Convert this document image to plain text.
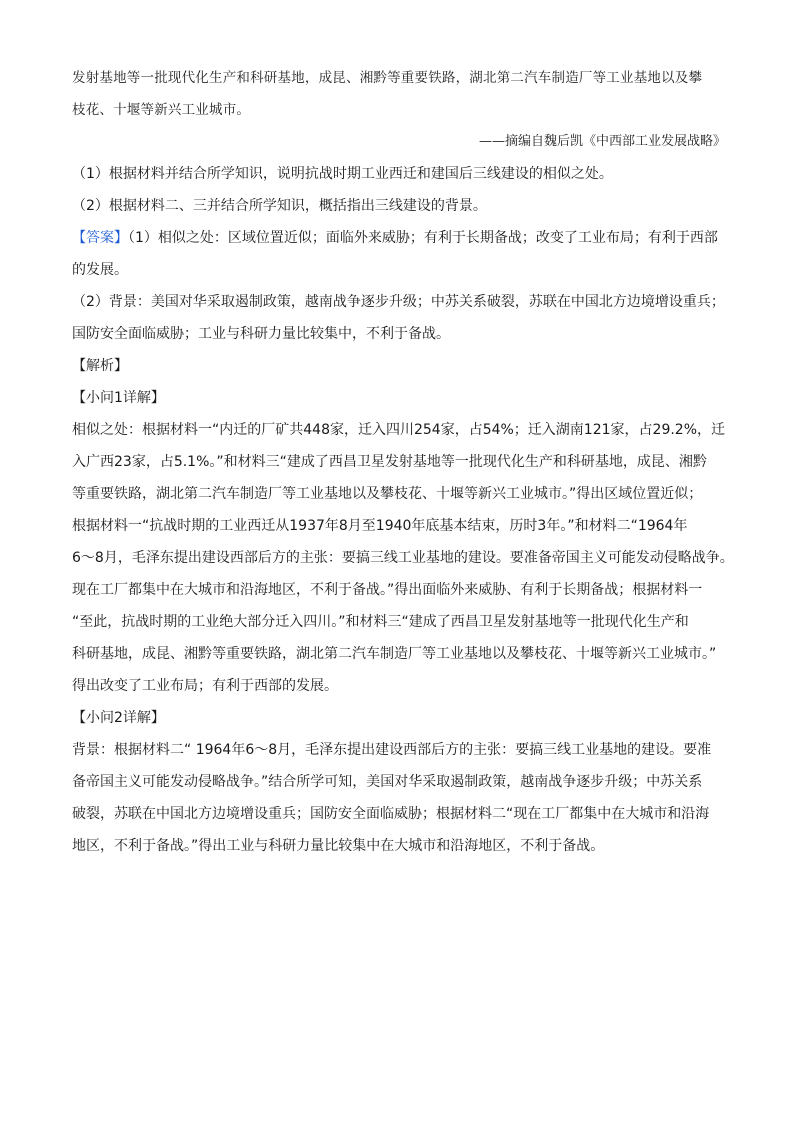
发射基地等一批现代化生产和科研基地，成昆、湘黔等重要铁路，湖北第二汽车制造厂等工业基地以及攀
枝花、十堰等新兴工业城市。
——摘编自魏后凯《中西部工业发展战略》
（1）根据材料并结合所学知识，说明抗战时期工业西迁和建国后三线建设的相似之处。
（2）根据材料二、三并结合所学知识，概括指出三线建设的背景。
【答案】（1）相似之处：区域位置近似；面临外来威胁；有利于长期备战；改变了工业布局；有利于西部
的发展。
（2）背景：美国对华采取遏制政策，越南战争逐步升级；中苏关系破裂，苏联在中国北方边境增设重兵；
国防安全面临威胁；工业与科研力量比较集中，不利于备战。
【解析】
【小问1详解】
相似之处：根据材料一“内迁的厂矿共448家，迁入四川254家，占54%；迁入湖南121家，占29.2%，迁
入广西23家，占5.1%。”和材料三“建成了西昌卫星发射基地等一批现代化生产和科研基地，成昆、湘黔
等重要铁路，湖北第二汽车制造厂等工业基地以及攀枝花、十堰等新兴工业城市。”得出区域位置近似；
根据材料一“抗战时期的工业西迁从1937年8月至1940年底基本结束，历时3年。”和材料二“1964年
6～8月，毛泽东提出建设西部后方的主张：要搞三线工业基地的建设。要准备帝国主义可能发动侵略战争。
现在工厂都集中在大城市和沿海地区，不利于备战。”得出面临外来威胁、有利于长期备战；根据材料一
“至此，抗战时期的工业绝大部分迁入四川。”和材料三“建成了西昌卫星发射基地等一批现代化生产和
科研基地，成昆、湘黔等重要铁路，湖北第二汽车制造厂等工业基地以及攀枝花、十堰等新兴工业城市。”
得出改变了工业布局；有利于西部的发展。
【小问2详解】
背景：根据材料二“ 1964年6～8月，毛泽东提出建设西部后方的主张：要搞三线工业基地的建设。要准
备帝国主义可能发动侵略战争。”结合所学可知，美国对华采取遏制政策，越南战争逐步升级；中苏关系
破裂，苏联在中国北方边境增设重兵；国防安全面临威胁；根据材料二“现在工厂都集中在大城市和沿海
地区，不利于备战。”得出工业与科研力量比较集中在大城市和沿海地区，不利于备战。
